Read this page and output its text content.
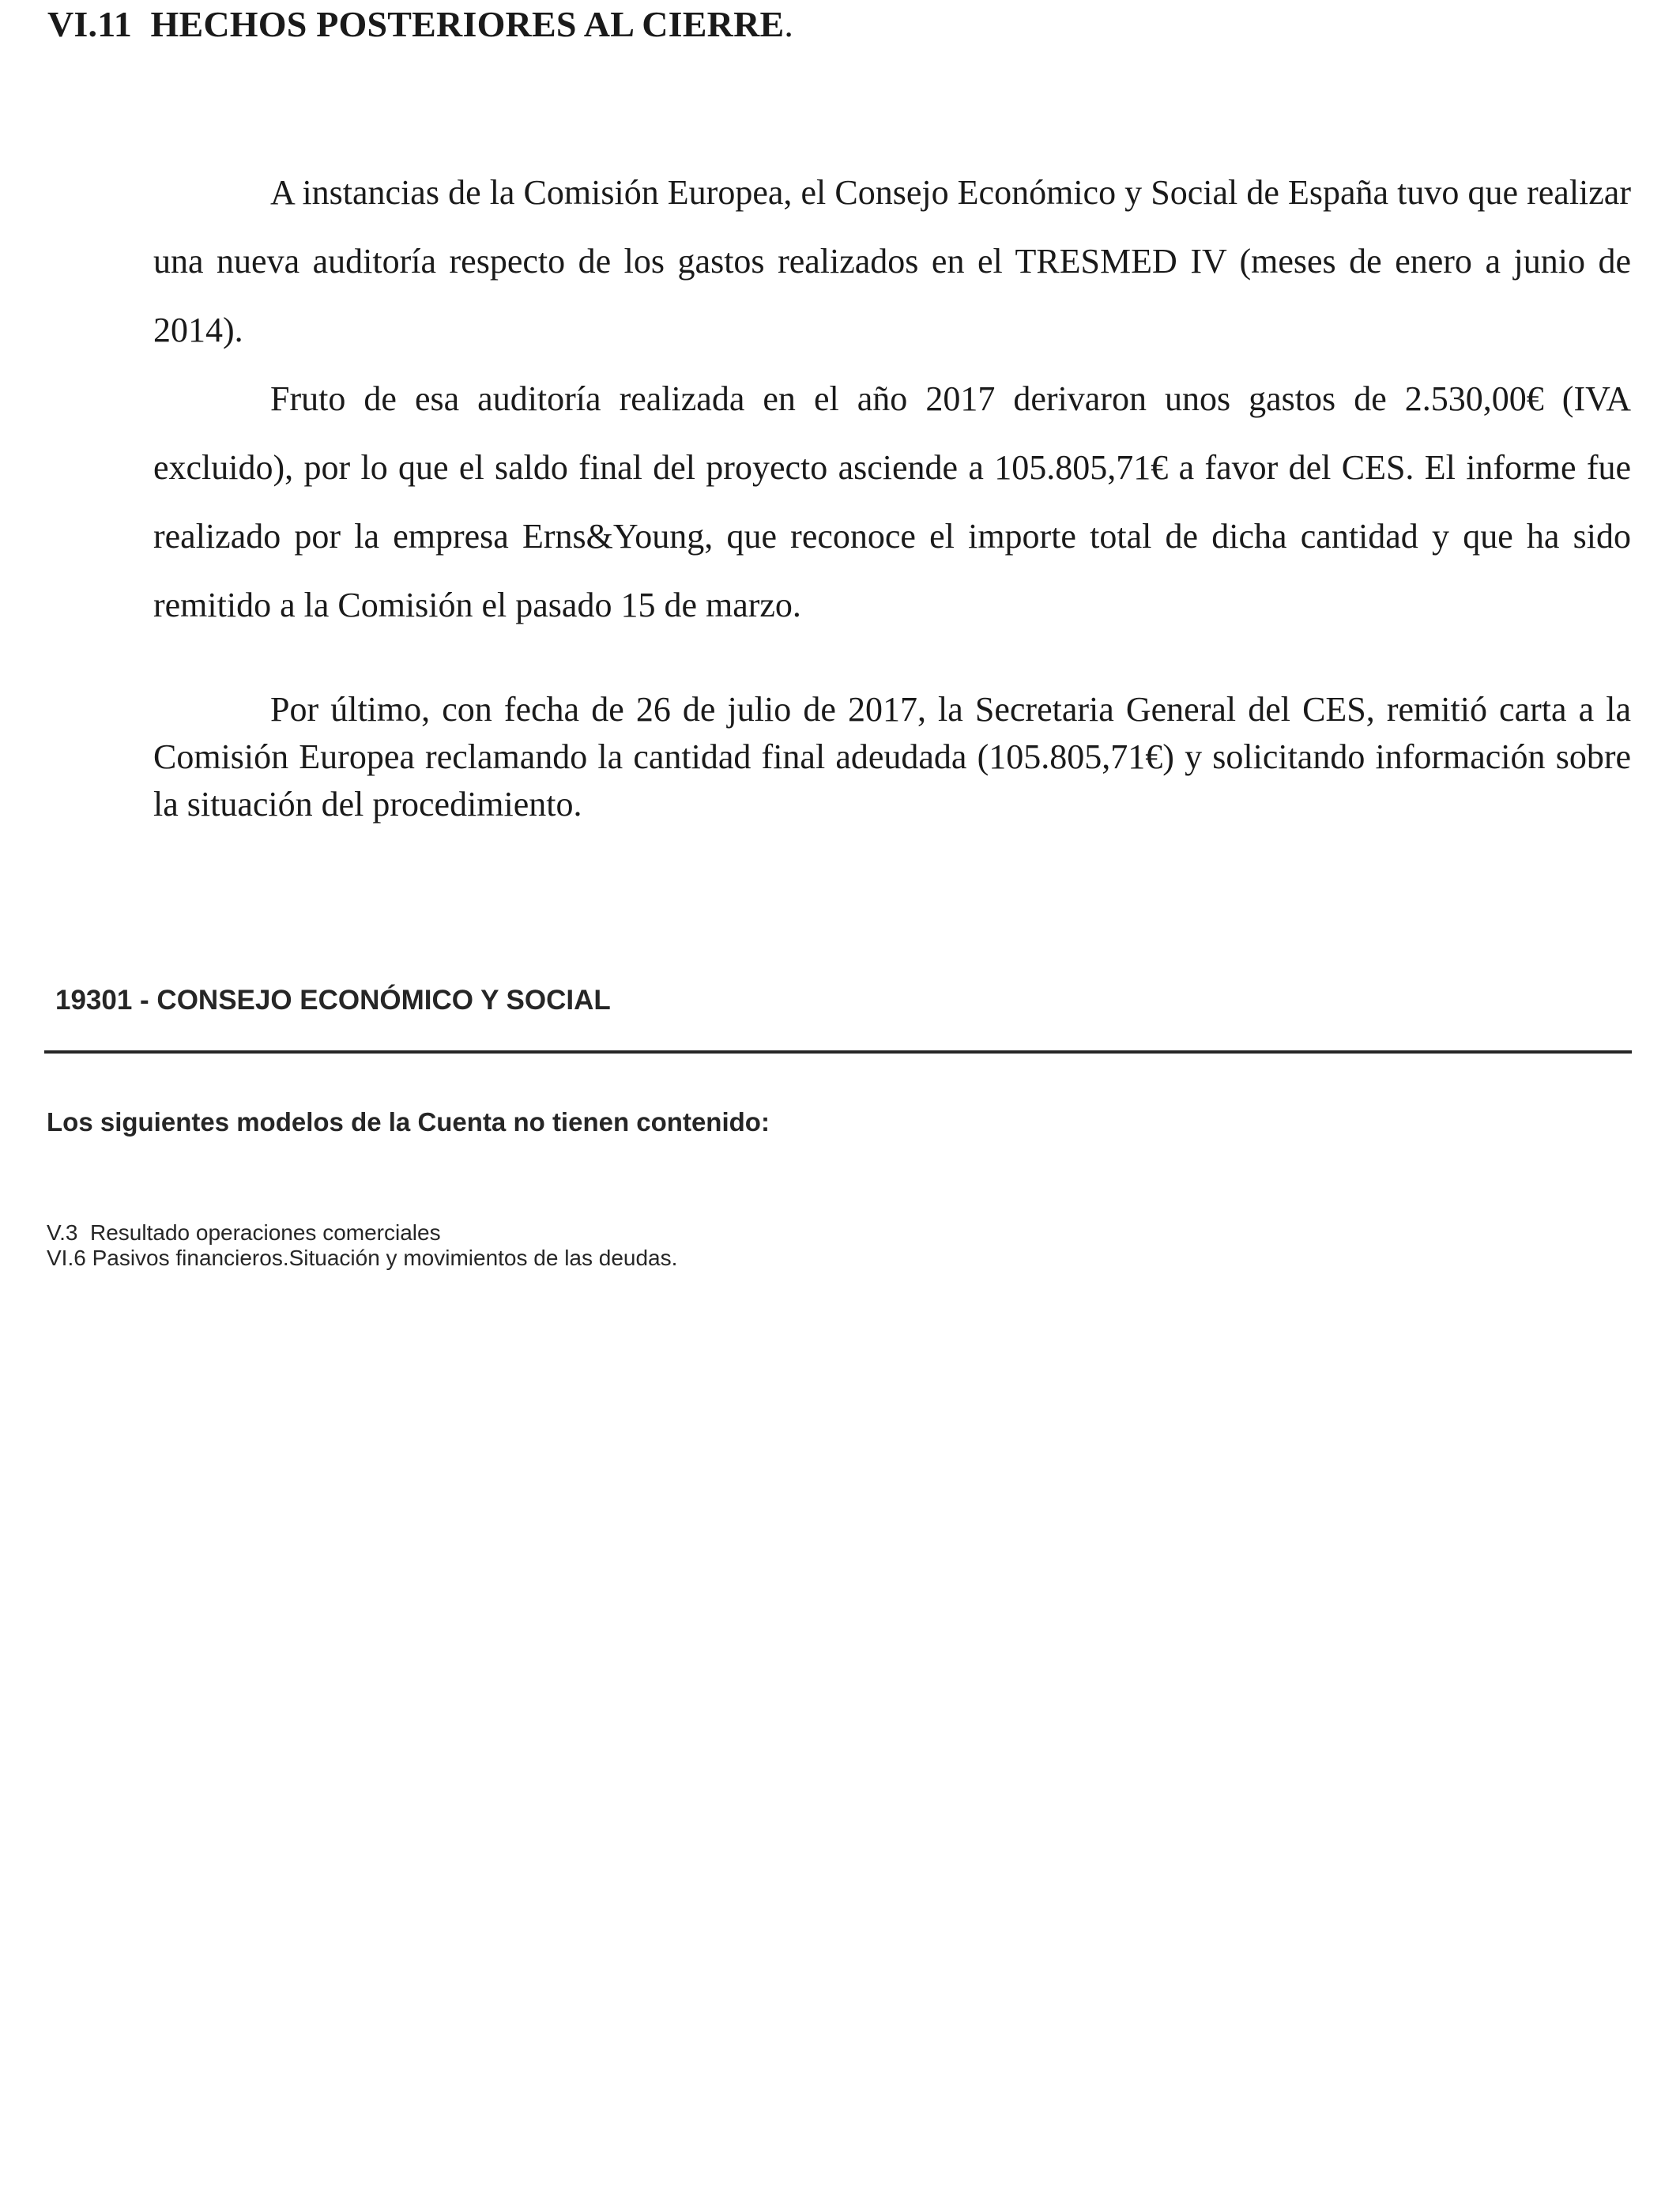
VI.11 HECHOS POSTERIORES AL CIERRE.

A instancias de la Comisión Europea, el Consejo Económico y Social de España tuvo que realizar una nueva auditoría respecto de los gastos realizados en el TRESMED IV (meses de enero a junio de 2014).

Fruto de esa auditoría realizada en el año 2017 derivaron unos gastos de 2.530,00€ (IVA excluido), por lo que el saldo final del proyecto asciende a 105.805,71€ a favor del CES. El informe fue realizado por la empresa Erns&Young, que reconoce el importe total de dicha cantidad y que ha sido remitido a la Comisión el pasado 15 de marzo.

Por último, con fecha de 26 de julio de 2017, la Secretaria General del CES, remitió carta a la Comisión Europea reclamando la cantidad final adeudada (105.805,71€) y solicitando información sobre la situación del procedimiento.

19301 - CONSEJO ECONÓMICO Y SOCIAL
Los siguientes modelos de la Cuenta no tienen contenido:
V.3  Resultado operaciones comerciales
VI.6 Pasivos financieros.Situación y movimientos de las deudas.
